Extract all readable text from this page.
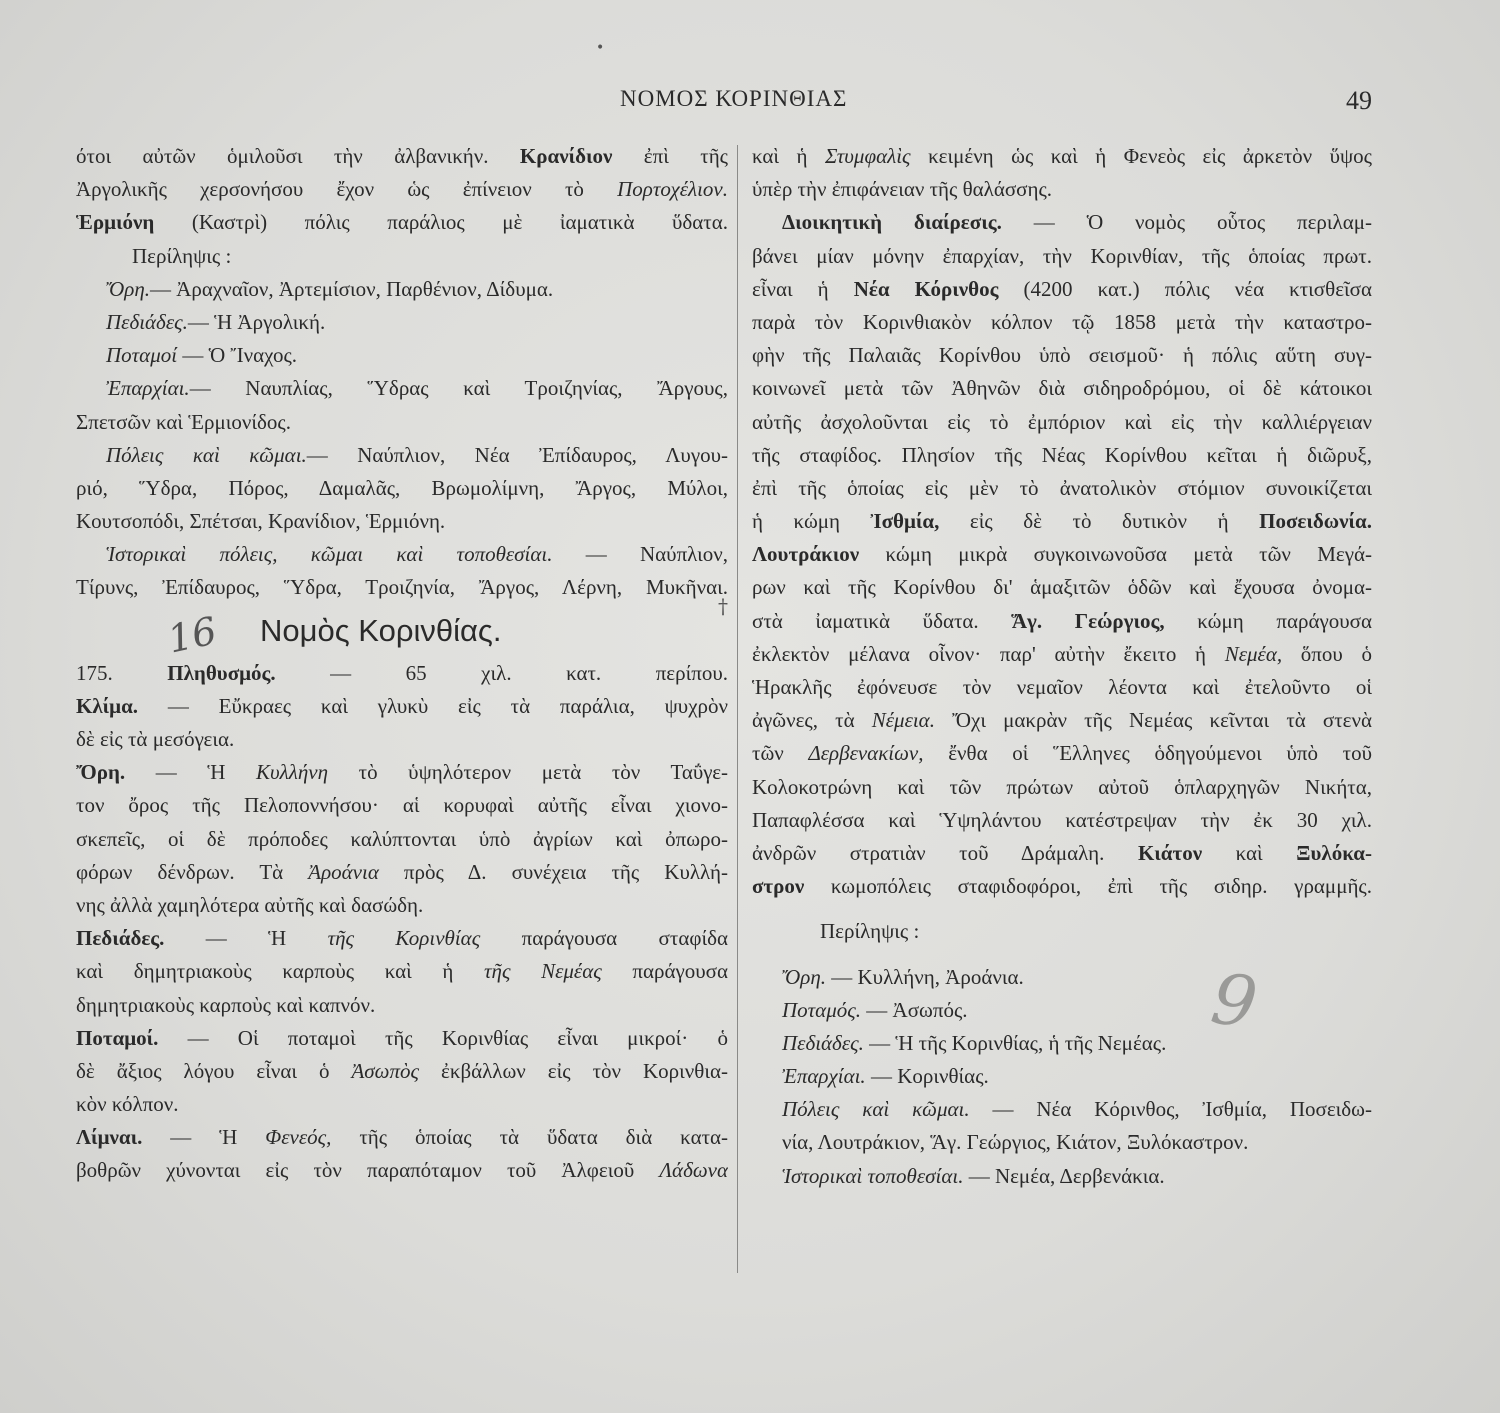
•
ΝΟΜΟΣ ΚΟΡΙΝΘΙΑΣ	49
ότοι αὐτῶν ὁμιλοῦσι τὴν ἀλβανικήν. Κρανίδιον ἐπὶ τῆς
Ἀργολικῆς χερσονήσου ἔχον ὡς ἐπίνειον τὸ Πορτοχέλιον.
Ἑρμιόνη (Καστρὶ) πόλις παράλιος μὲ ἰαματικὰ ὕδατα.
Περίληψις :
Ὄρη.— Ἀραχναῖον, Ἀρτεμίσιον, Παρθένιον, Δίδυμα.
Πεδιάδες.— Ἡ Ἀργολική.
Ποταμοί — Ὁ Ἴναχος.
Ἐπαρχίαι.— Ναυπλίας, Ὕδρας καὶ Τροιζηνίας, Ἄργους,
Σπετσῶν καὶ Ἑρμιονίδος.
Πόλεις καὶ κῶμαι.— Ναύπλιον, Νέα Ἐπίδαυρος, Λυγου-
ριό, Ὕδρα, Πόρος, Δαμαλᾶς, Βρωμολίμνη, Ἄργος, Μύλοι,
Κουτσοπόδι, Σπέτσαι, Κρανίδιον, Ἑρμιόνη.
Ἱστορικαὶ πόλεις, κῶμαι καὶ τοποθεσίαι. — Ναύπλιον,
Τίρυνς, Ἐπίδαυρος, Ὕδρα, Τροιζηνία, Ἄργος, Λέρνη, Μυκῆναι.
16 Νομὸς Κορινθίας.
175. Πληθυσμός. — 65 χιλ. κατ. περίπου.
Κλίμα. — Εὔκραες καὶ γλυκὺ εἰς τὰ παράλια, ψυχρὸν
δὲ εἰς τὰ μεσόγεια.
Ὄρη. — Ἡ Κυλλήνη τὸ ὑψηλότερον μετὰ τὸν Ταΰγε-
τον ὄρος τῆς Πελοποννήσου· αἱ κορυφαὶ αὐτῆς εἶναι χιονο-
σκεπεῖς, οἱ δὲ πρόποδες καλύπτονται ὑπὸ ἀγρίων καὶ ὀπωρο-
φόρων δένδρων. Τὰ Ἀροάνια πρὸς Δ. συνέχεια τῆς Κυλλή-
νης ἀλλὰ χαμηλότερα αὐτῆς καὶ δασώδη.
Πεδιάδες. — Ἡ τῆς Κορινθίας παράγουσα σταφίδα
καὶ δημητριακοὺς καρποὺς καὶ ἡ τῆς Νεμέας παράγουσα
δημητριακοὺς καρποὺς καὶ καπνόν.
Ποταμοί. — Οἱ ποταμοὶ τῆς Κορινθίας εἶναι μικροί· ὁ
δὲ ἄξιος λόγου εἶναι ὁ Ἀσωπὸς ἐκβάλλων εἰς τὸν Κορινθια-
κὸν κόλπον.
Λίμναι. — Ἡ Φενεός, τῆς ὁποίας τὰ ὕδατα διὰ κατα-
βοθρῶν χύνονται εἰς τὸν παραπόταμον τοῦ Ἀλφειοῦ Λάδωνα
†
καὶ ἡ Στυμφαλὶς κειμένη ὡς καὶ ἡ Φενεὸς εἰς ἀρκετὸν ὕψος
ὑπὲρ τὴν ἐπιφάνειαν τῆς θαλάσσης.
Διοικητικὴ διαίρεσις. — Ὁ νομὸς οὗτος περιλαμ-
βάνει μίαν μόνην ἐπαρχίαν, τὴν Κορινθίαν, τῆς ὁποίας πρωτ.
εἶναι ἡ Νέα Κόρινθος (4200 κατ.) πόλις νέα κτισθεῖσα
παρὰ τὸν Κορινθιακὸν κόλπον τῷ 1858 μετὰ τὴν καταστρο-
φὴν τῆς Παλαιᾶς Κορίνθου ὑπὸ σεισμοῦ· ἡ πόλις αὕτη συγ-
κοινωνεῖ μετὰ τῶν Ἀθηνῶν διὰ σιδηροδρόμου, οἱ δὲ κάτοικοι
αὐτῆς ἀσχολοῦνται εἰς τὸ ἐμπόριον καὶ εἰς τὴν καλλιέργειαν
τῆς σταφίδος. Πλησίον τῆς Νέας Κορίνθου κεῖται ἡ διῶρυξ,
ἐπὶ τῆς ὁποίας εἰς μὲν τὸ ἀνατολικὸν στόμιον συνοικίζεται
ἡ κώμη Ἰσθμία, εἰς δὲ τὸ δυτικὸν ἡ Ποσειδωνία.
Λουτράκιον κώμη μικρὰ συγκοινωνοῦσα μετὰ τῶν Μεγά-
ρων καὶ τῆς Κορίνθου δι' ἁμαξιτῶν ὁδῶν καὶ ἔχουσα ὀνομα-
στὰ ἰαματικὰ ὕδατα. Ἅγ. Γεώργιος, κώμη παράγουσα
ἐκλεκτὸν μέλανα οἶνον· παρ' αὐτὴν ἔκειτο ἡ Νεμέα, ὅπου ὁ
Ἡρακλῆς ἐφόνευσε τὸν νεμαῖον λέοντα καὶ ἐτελοῦντο οἱ
ἀγῶνες, τὰ Νέμεια. Ὄχι μακρὰν τῆς Νεμέας κεῖνται τὰ στενὰ
τῶν Δερβενακίων, ἔνθα οἱ Ἕλληνες ὁδηγούμενοι ὑπὸ τοῦ
Κολοκοτρώνη καὶ τῶν πρώτων αὐτοῦ ὁπλαρχηγῶν Νικήτα,
Παπαφλέσσα καὶ Ὑψηλάντου κατέστρεψαν τὴν ἐκ 30 χιλ.
ἀνδρῶν στρατιὰν τοῦ Δράμαλη. Κιάτον καὶ Ξυλόκα-
στρον κωμοπόλεις σταφιδοφόροι, ἐπὶ τῆς σιδηρ. γραμμῆς.
Περίληψις :
Ὄρη. — Κυλλήνη, Ἀροάνια.
Ποταμός. — Ἀσωπός.
Πεδιάδες. — Ἡ τῆς Κορινθίας, ἡ τῆς Νεμέας.
Ἐπαρχίαι. — Κορινθίας.
Πόλεις καὶ κῶμαι. — Νέα Κόρινθος, Ἰσθμία, Ποσειδω-
νία, Λουτράκιον, Ἅγ. Γεώργιος, Κιάτον, Ξυλόκαστρον.
Ἱστορικαὶ τοποθεσίαι. — Νεμέα, Δερβενάκια.
9
